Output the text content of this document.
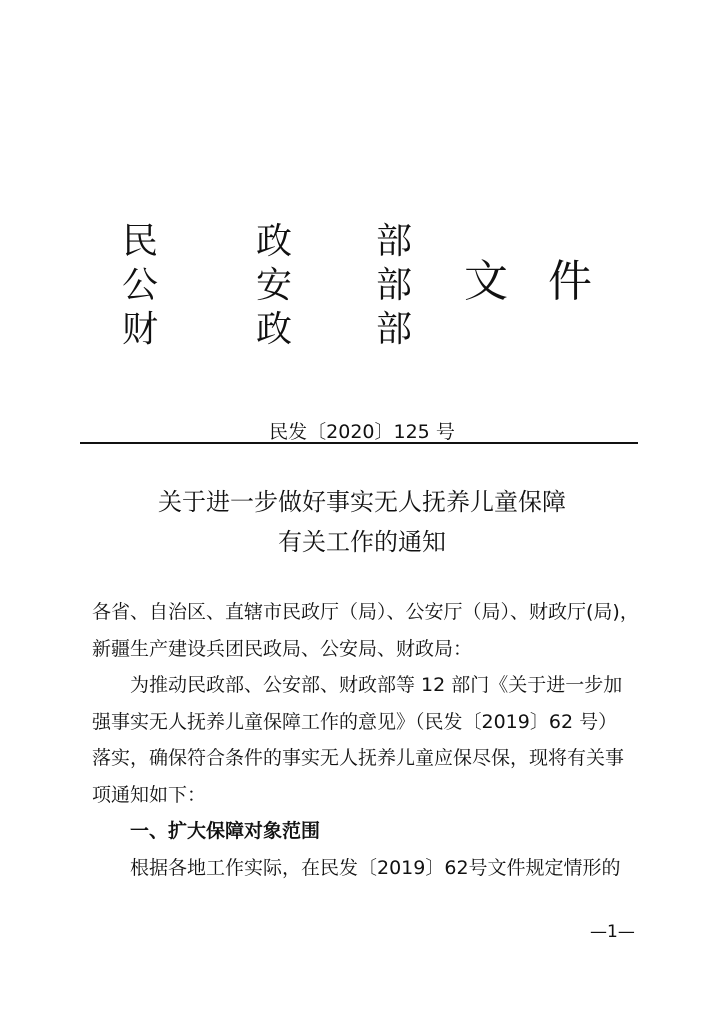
民	政 部
公	安 部
财	政 部
文件
民发〔2020〕125 号
关于进一步做好事实无人抚养儿童保障
有关工作的通知
各省、自治区、直辖市民政厅（局）、公安厅（局）、财政厅(局)，
新疆生产建设兵团民政局、公安局、财政局：
为推动民政部、公安部、财政部等 12 部门《关于进一步加
强事实无人抚养儿童保障工作的意见》（民发〔2019〕62 号）
落实，确保符合条件的事实无人抚养儿童应保尽保，现将有关事
项通知如下：
一、扩大保障对象范围
根据各地工作实际，在民发〔2019〕62号文件规定情形的
—1—
